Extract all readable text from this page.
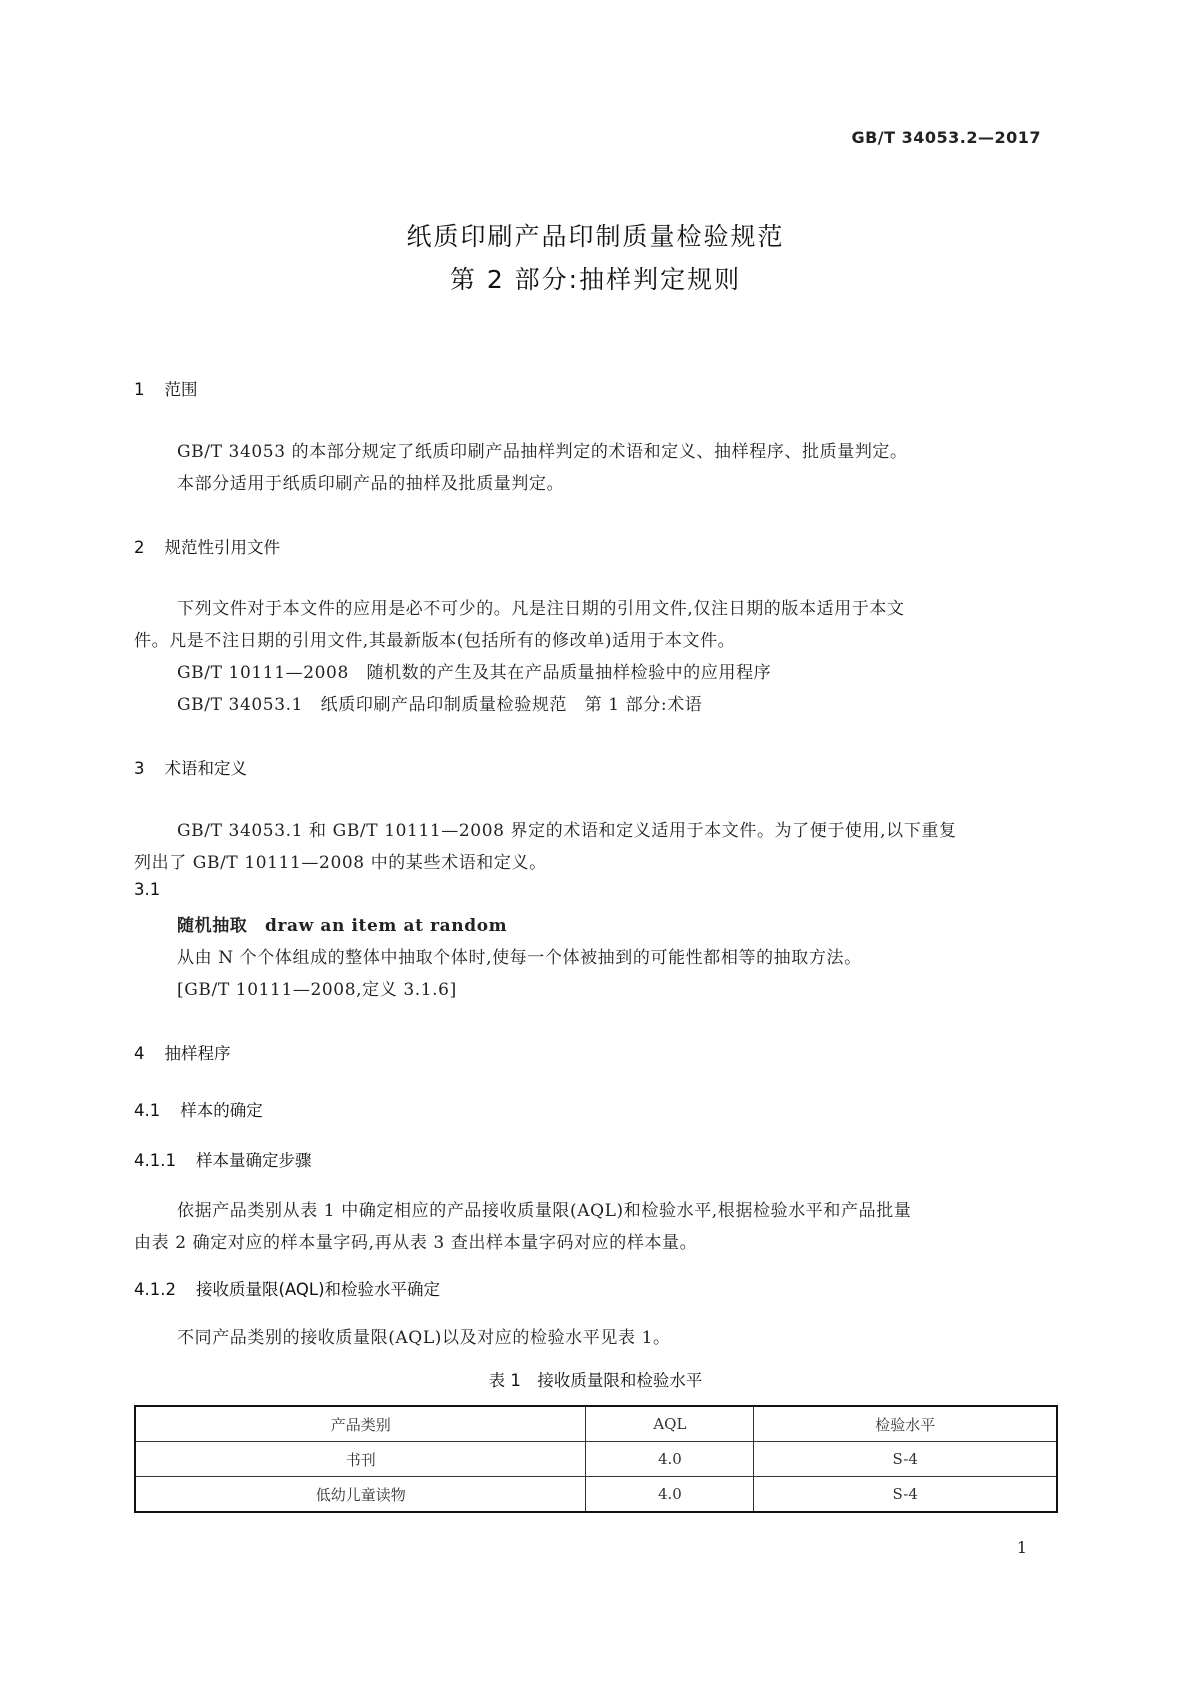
GB/T 34053.2—2017
纸质印刷产品印制质量检验规范
第 2 部分:抽样判定规则
1 范围
GB/T 34053 的本部分规定了纸质印刷产品抽样判定的术语和定义、抽样程序、批质量判定。
本部分适用于纸质印刷产品的抽样及批质量判定。
2 规范性引用文件
下列文件对于本文件的应用是必不可少的。凡是注日期的引用文件,仅注日期的版本适用于本文
件。凡是不注日期的引用文件,其最新版本(包括所有的修改单)适用于本文件。
GB/T 10111—2008　随机数的产生及其在产品质量抽样检验中的应用程序
GB/T 34053.1　纸质印刷产品印制质量检验规范　第 1 部分:术语
3 术语和定义
GB/T 34053.1 和 GB/T 10111—2008 界定的术语和定义适用于本文件。为了便于使用,以下重复
列出了 GB/T 10111—2008 中的某些术语和定义。
3.1
随机抽取　draw an item at random
从由 N 个个体组成的整体中抽取个体时,使每一个体被抽到的可能性都相等的抽取方法。
[GB/T 10111—2008,定义 3.1.6]
4 抽样程序
4.1 样本的确定
4.1.1 样本量确定步骤
依据产品类别从表 1 中确定相应的产品接收质量限(AQL)和检验水平,根据检验水平和产品批量
由表 2 确定对应的样本量字码,再从表 3 查出样本量字码对应的样本量。
4.1.2 接收质量限(AQL)和检验水平确定
不同产品类别的接收质量限(AQL)以及对应的检验水平见表 1。
表 1　接收质量限和检验水平
产品类别	AQL	检验水平
书刊	4.0	S-4
低幼儿童读物	4.0	S-4
1
